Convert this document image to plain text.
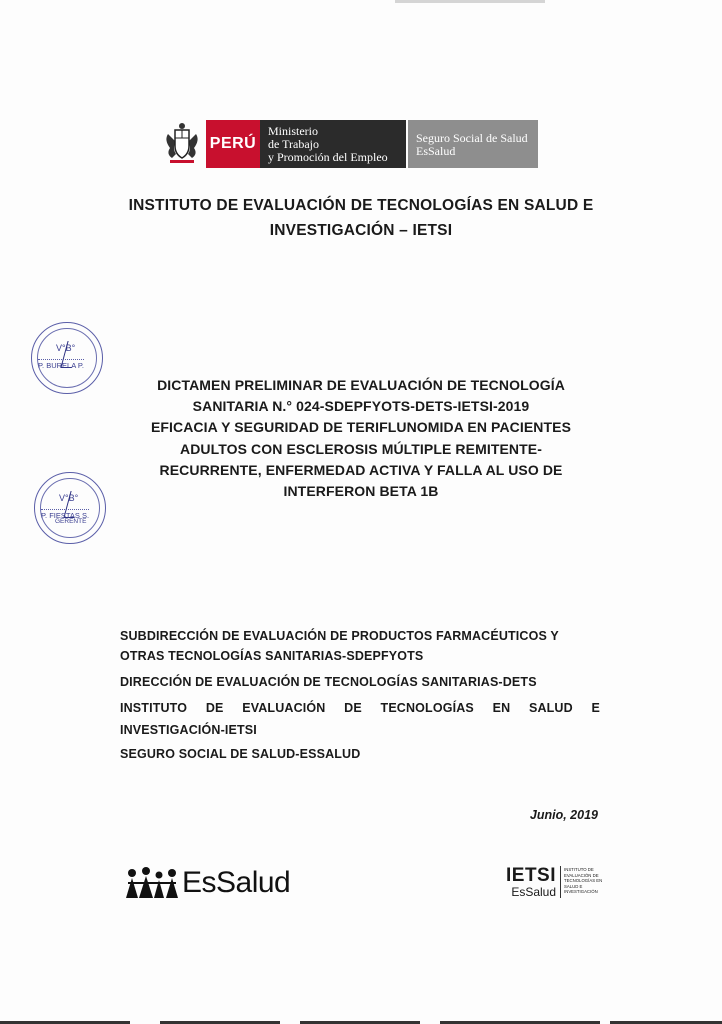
PERÚ
Ministerio
de Trabajo
y Promoción del Empleo
Seguro Social de Salud
EsSalud
INSTITUTO DE EVALUACIÓN DE TECNOLOGÍAS EN SALUD E
INVESTIGACIÓN – IETSI
V°B°
P. BURELA P.
V°B°
P. FIESTAS S.
GERENTE
DICTAMEN PRELIMINAR DE EVALUACIÓN DE TECNOLOGÍA
SANITARIA N.° 024-SDEPFYOTS-DETS-IETSI-2019
EFICACIA Y SEGURIDAD DE TERIFLUNOMIDA EN PACIENTES
ADULTOS CON ESCLEROSIS MÚLTIPLE REMITENTE-
RECURRENTE, ENFERMEDAD ACTIVA Y FALLA AL USO DE
INTERFERON BETA 1B
SUBDIRECCIÓN DE EVALUACIÓN DE PRODUCTOS FARMACÉUTICOS Y
OTRAS TECNOLOGÍAS SANITARIAS-SDEPFYOTS
DIRECCIÓN DE EVALUACIÓN DE TECNOLOGÍAS SANITARIAS-DETS
INSTITUTO DE EVALUACIÓN DE TECNOLOGÍAS EN SALUD E
INVESTIGACIÓN-IETSI
SEGURO SOCIAL DE SALUD-ESSALUD
Junio, 2019
EsSalud	IETSI
EsSalud
INSTITUTO DE
EVALUACIÓN DE
TECNOLOGÍAS EN
SALUD E
INVESTIGACIÓN
